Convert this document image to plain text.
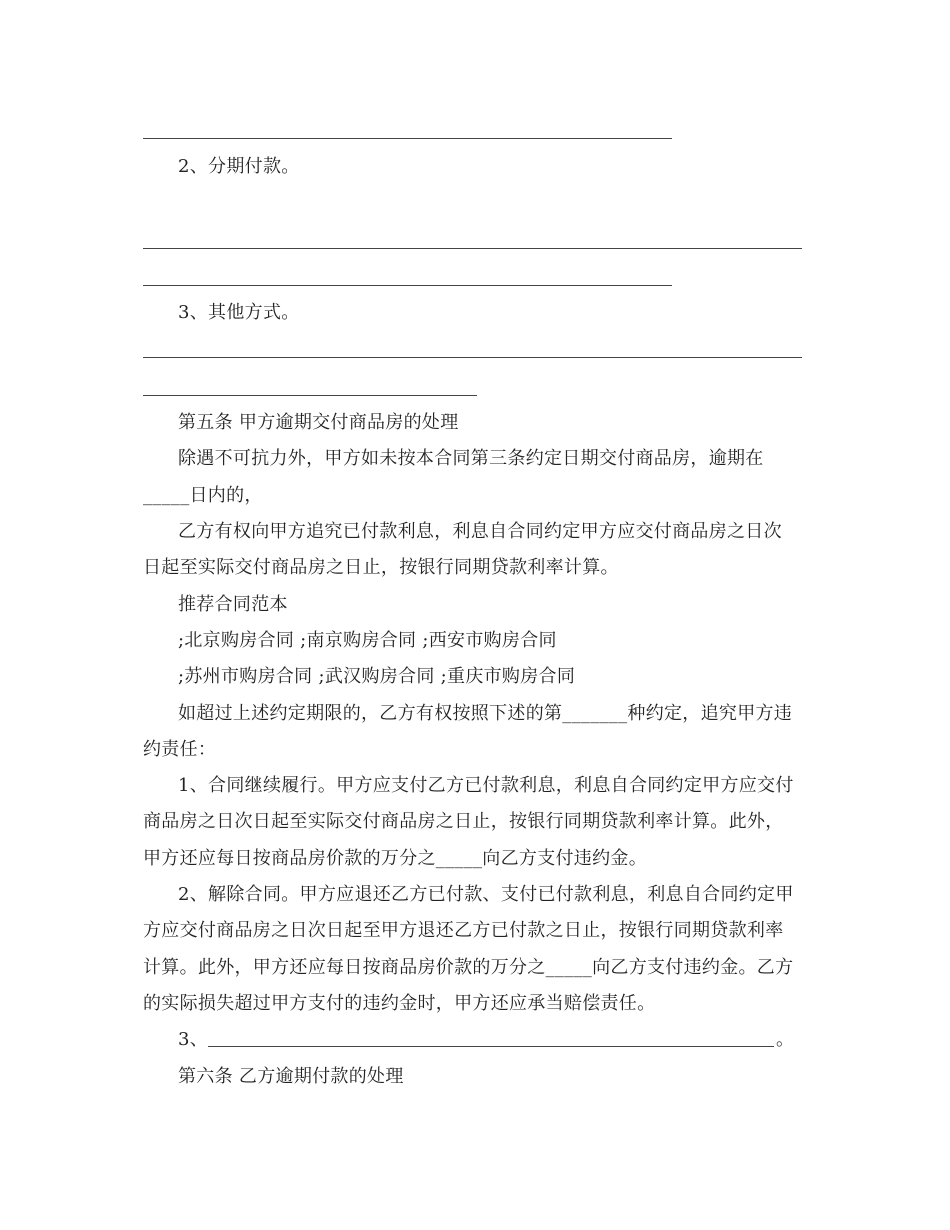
2、分期付款。
3、其他方式。
第五条 甲方逾期交付商品房的处理
除遇不可抗力外，甲方如未按本合同第三条约定日期交付商品房，逾期在
_____日内的，
乙方有权向甲方追究已付款利息，利息自合同约定甲方应交付商品房之日次
日起至实际交付商品房之日止，按银行同期贷款利率计算。
推荐合同范本
;北京购房合同 ;南京购房合同 ;西安市购房合同
;苏州市购房合同 ;武汉购房合同 ;重庆市购房合同
如超过上述约定期限的，乙方有权按照下述的第_______种约定，追究甲方违
约责任：
1、合同继续履行。甲方应支付乙方已付款利息，利息自合同约定甲方应交付
商品房之日次日起至实际交付商品房之日止，按银行同期贷款利率计算。此外，
甲方还应每日按商品房价款的万分之_____向乙方支付违约金。
2、解除合同。甲方应退还乙方已付款、支付已付款利息，利息自合同约定甲
方应交付商品房之日次日起至甲方退还乙方已付款之日止，按银行同期贷款利率
计算。此外，甲方还应每日按商品房价款的万分之_____向乙方支付违约金。乙方
的实际损失超过甲方支付的违约金时，甲方还应承当赔偿责任。
3、	。
第六条 乙方逾期付款的处理
